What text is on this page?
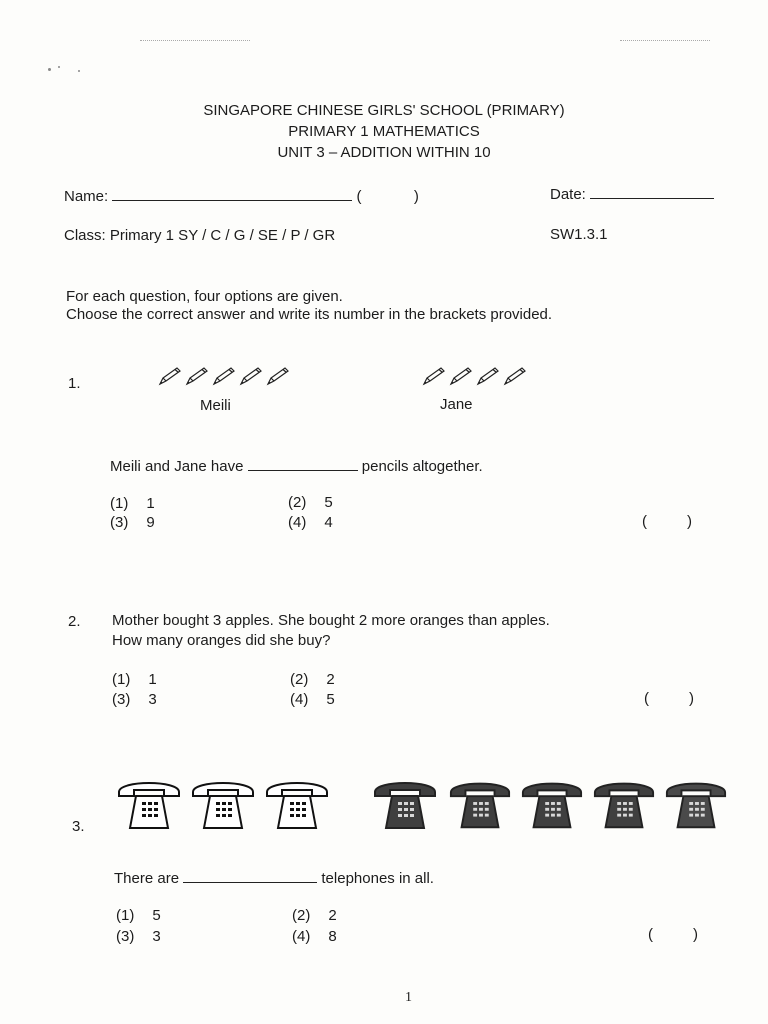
SINGAPORE CHINESE GIRLS' SCHOOL (PRIMARY)
PRIMARY 1 MATHEMATICS
UNIT 3 – ADDITION WITHIN 10
Name:	(	)	Date:
Class: Primary 1 SY / C / G / SE / P / GR	SW1.3.1
For each question, four options are given.
Choose the correct answer and write its number in the brackets provided.
1.
Meili	Jane
Meili and Jane have	pencils altogether.
(1) 1	(2) 5
(3) 9	(4) 4	(	)
2. Mother bought 3 apples. She bought 2 more oranges than apples.
How many oranges did she buy?
(1) 1	(2) 2
(3) 3	(4) 5	(	)
3.
There are	telephones in all.
(1) 5	(2) 2
(3) 3	(4) 8	(	)
1
